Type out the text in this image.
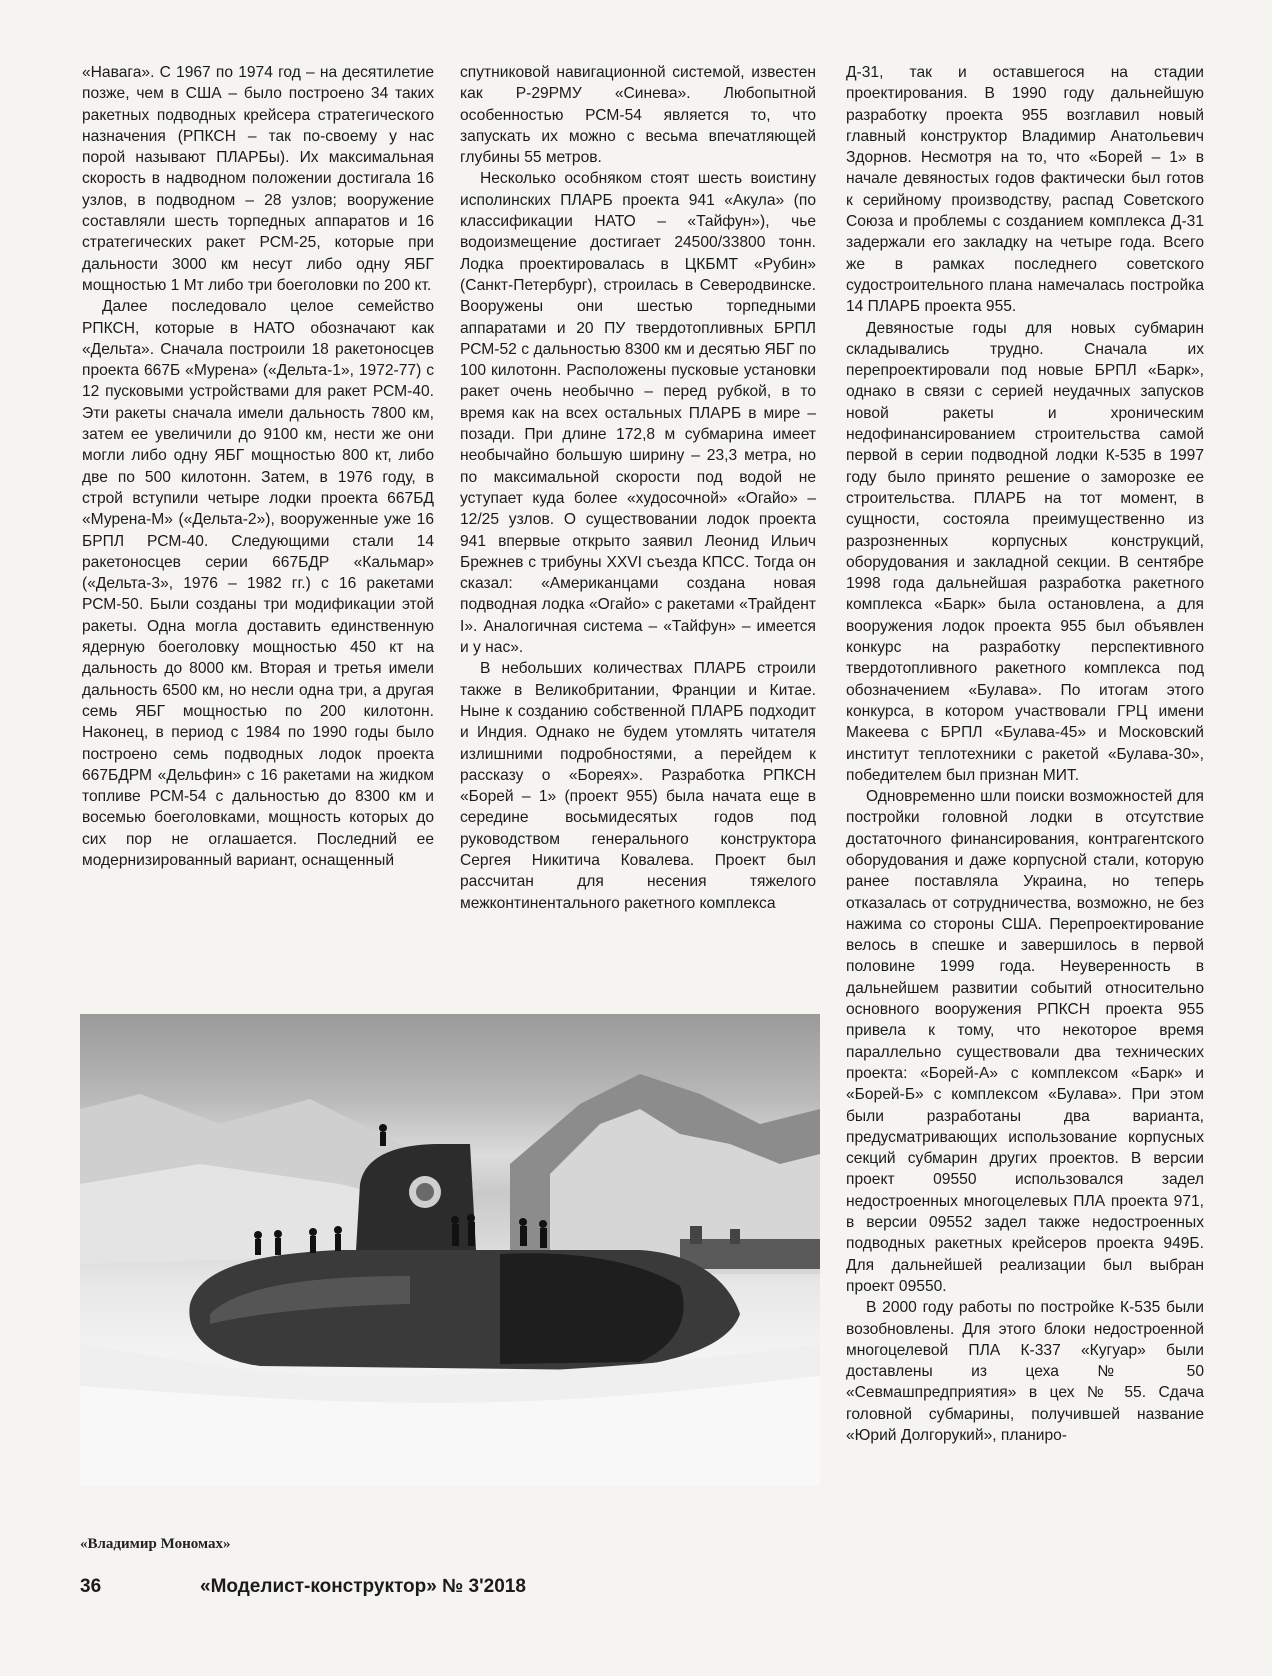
«Навага». С 1967 по 1974 год – на десятилетие позже, чем в США – было построено 34 таких ракетных подводных крейсера стратегического назначения (РПКСН – так по-своему у нас порой называют ПЛАРБы). Их максимальная скорость в надводном положении достигала 16 узлов, в подводном – 28 узлов; вооружение составляли шесть торпедных аппаратов и 16 стратегических ракет РСМ-25, которые при дальности 3000 км несут либо одну ЯБГ мощностью 1 Мт либо три боеголовки по 200 кт.

Далее последовало целое семейство РПКСН, которые в НАТО обозначают как «Дельта». Сначала построили 18 ракетоносцев проекта 667Б «Мурена» («Дельта-1», 1972-77) с 12 пусковыми устройствами для ракет РСМ-40. Эти ракеты сначала имели дальность 7800 км, затем ее увеличили до 9100 км, нести же они могли либо одну ЯБГ мощностью 800 кт, либо две по 500 килотонн. Затем, в 1976 году, в строй вступили четыре лодки проекта 667БД «Мурена-М» («Дельта-2»), вооруженные уже 16 БРПЛ РСМ-40. Следующими стали 14 ракетоносцев серии 667БДР «Кальмар» («Дельта-3», 1976 – 1982 гг.) с 16 ракетами РСМ-50. Были созданы три модификации этой ракеты. Одна могла доставить единственную ядерную боеголовку мощностью 450 кт на дальность до 8000 км. Вторая и третья имели дальность 6500 км, но несли одна три, а другая семь ЯБГ мощностью по 200 килотонн. Наконец, в период с 1984 по 1990 годы было построено семь подводных лодок проекта 667БДРМ «Дельфин» с 16 ракетами на жидком топливе РСМ-54 с дальностью до 8300 км и восемью боеголовками, мощность которых до сих пор не оглашается. Последний ее модернизированный вариант, оснащенный

спутниковой навигационной системой, известен как Р-29РМУ «Синева». Любопытной особенностью РСМ-54 является то, что запускать их можно с весьма впечатляющей глубины 55 метров.

Несколько особняком стоят шесть воистину исполинских ПЛАРБ проекта 941 «Акула» (по классификации НАТО – «Тайфун»), чье водоизмещение достигает 24500/33800 тонн. Лодка проектировалась в ЦКБМТ «Рубин» (Санкт-Петербург), строилась в Северодвинске. Вооружены они шестью торпедными аппаратами и 20 ПУ твердотопливных БРПЛ РСМ-52 с дальностью 8300 км и десятью ЯБГ по 100 килотонн. Расположены пусковые установки ракет очень необычно – перед рубкой, в то время как на всех остальных ПЛАРБ в мире – позади. При длине 172,8 м субмарина имеет необычайно большую ширину – 23,3 метра, но по максимальной скорости под водой не уступает куда более «худосочной» «Огайо» – 12/25 узлов. О существовании лодок проекта 941 впервые открыто заявил Леонид Ильич Брежнев с трибуны XXVI съезда КПСС. Тогда он сказал: «Американцами создана новая подводная лодка «Огайо» с ракетами «Трайдент I». Аналогичная система – «Тайфун» – имеется и у нас».

В небольших количествах ПЛАРБ строили также в Великобритании, Франции и Китае. Ныне к созданию собственной ПЛАРБ подходит и Индия. Однако не будем утомлять читателя излишними подробностями, а перейдем к рассказу о «Бореях». Разработка РПКСН «Борей – 1» (проект 955) была начата еще в середине восьмидесятых годов под руководством генерального конструктора Сергея Никитича Ковалева. Проект был рассчитан для несения тяжелого межконтинентального ракетного комплекса

Д-31, так и оставшегося на стадии проектирования. В 1990 году дальнейшую разработку проекта 955 возглавил новый главный конструктор Владимир Анатольевич Здорнов. Несмотря на то, что «Борей – 1» в начале девяностых годов фактически был готов к серийному производству, распад Советского Союза и проблемы с созданием комплекса Д-31 задержали его закладку на четыре года. Всего же в рамках последнего советского судостроительного плана намечалась постройка 14 ПЛАРБ проекта 955.

Девяностые годы для новых субмарин складывались трудно. Сначала их перепроектировали под новые БРПЛ «Барк», однако в связи с серией неудачных запусков новой ракеты и хроническим недофинансированием строительства самой первой в серии подводной лодки К-535 в 1997 году было принято решение о заморозке ее строительства. ПЛАРБ на тот момент, в сущности, состояла преимущественно из разрозненных корпусных конструкций, оборудования и закладной секции. В сентябре 1998 года дальнейшая разработка ракетного комплекса «Барк» была остановлена, а для вооружения лодок проекта 955 был объявлен конкурс на разработку перспективного твердотопливного ракетного комплекса под обозначением «Булава». По итогам этого конкурса, в котором участвовали ГРЦ имени Макеева с БРПЛ «Булава-45» и Московский институт теплотехники с ракетой «Булава-30», победителем был признан МИТ.

Одновременно шли поиски возможностей для постройки головной лодки в отсутствие достаточного финансирования, контрагентского оборудования и даже корпусной стали, которую ранее поставляла Украина, но теперь отказалась от сотрудничества, возможно, не без нажима со стороны США. Перепроектирование велось в спешке и завершилось в первой половине 1999 года. Неуверенность в дальнейшем развитии событий относительно основного вооружения РПКСН проекта 955 привела к тому, что некоторое время параллельно существовали два технических проекта: «Борей-А» с комплексом «Барк» и «Борей-Б» с комплексом «Булава». При этом были разработаны два варианта, предусматривающих использование корпусных секций субмарин других проектов. В версии проект 09550 использовался задел недостроенных многоцелевых ПЛА проекта 971, в версии 09552 задел также недостроенных подводных ракетных крейсеров проекта 949Б. Для дальнейшей реализации был выбран проект 09550.

В 2000 году работы по постройке К-535 были возобновлены. Для этого блоки недостроенной многоцелевой ПЛА К-337 «Кугуар» были доставлены из цеха № 50 «Севмашпредприятия» в цех № 55. Сдача головной субмарины, получившей название «Юрий Долгорукий», планиро-

«Владимир Мономах»
36	«Моделист-конструктор» № 3'2018
